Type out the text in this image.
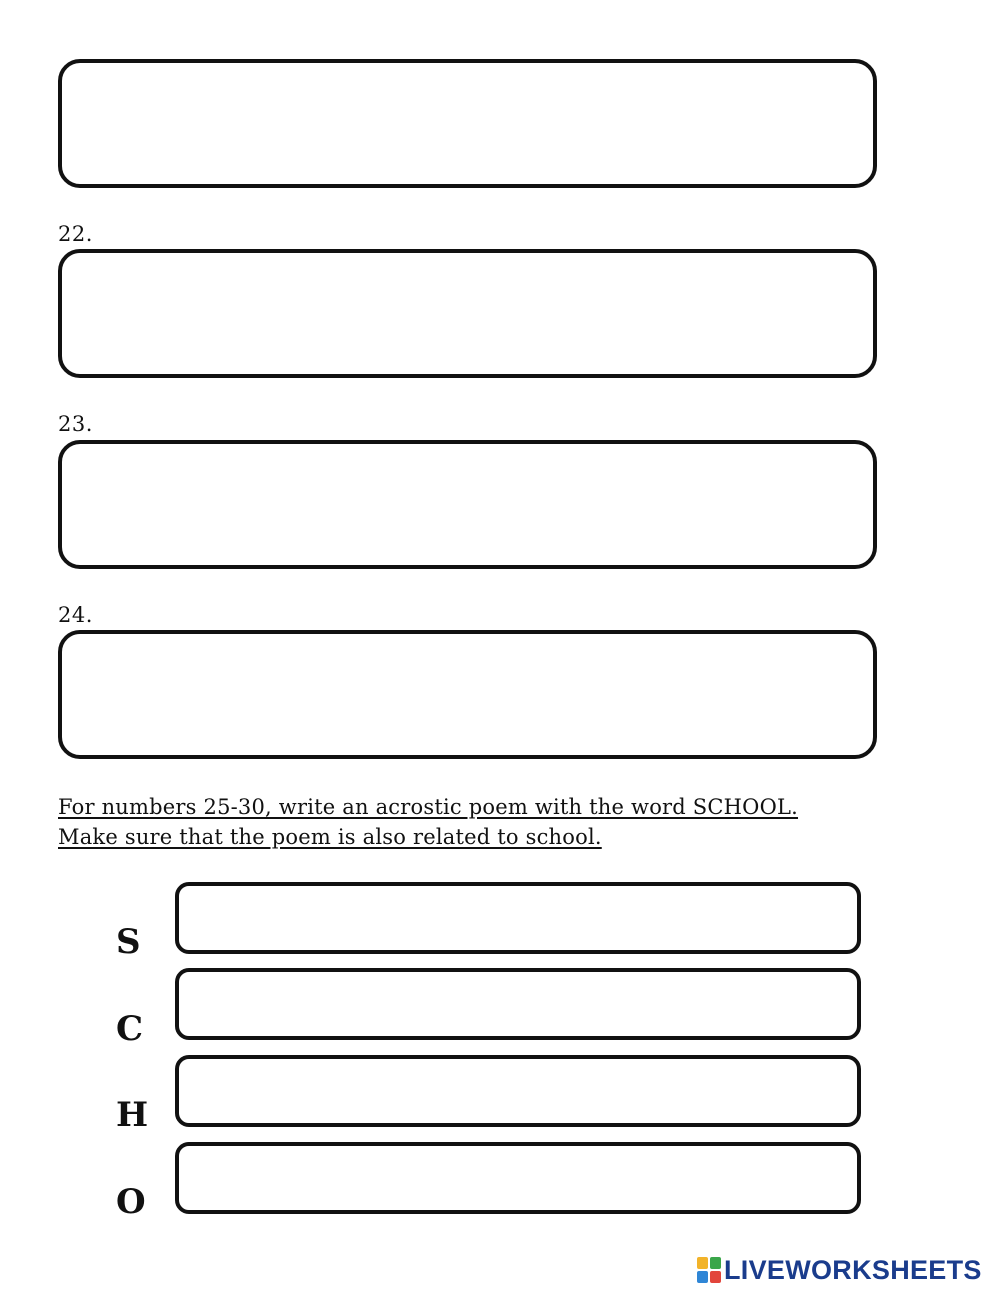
22.
23.
24.
For numbers 25-30, write an acrostic poem with the word SCHOOL.
Make sure that the poem is also related to school.
S
C
H
O
LIVEWORKSHEETS
